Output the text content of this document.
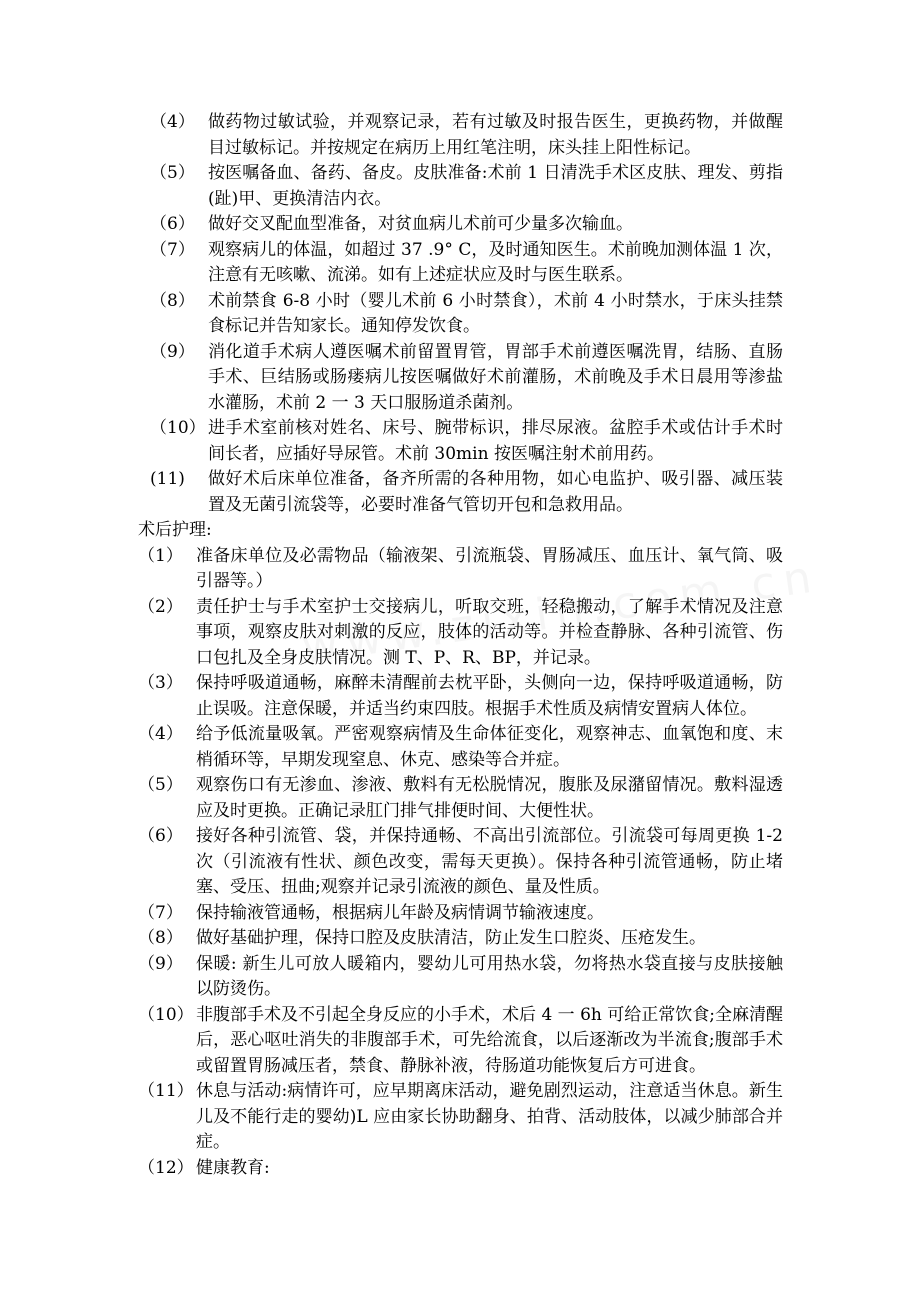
（4） 做药物过敏试验，并观察记录，若有过敏及时报告医生，更换药物，并做醒目过敏标记。并按规定在病历上用红笔注明，床头挂上阳性标记。
（5） 按医嘱备血、备药、备皮。皮肤准备:术前 1 日清洗手术区皮肤、理发、剪指(趾)甲、更换清洁内衣。
（6） 做好交叉配血型准备，对贫血病儿术前可少量多次输血。
（7） 观察病儿的体温，如超过 37 .9° C，及时通知医生。术前晚加测体温 1 次，注意有无咳嗽、流涕。如有上述症状应及时与医生联系。
（8） 术前禁食 6-8 小时（婴儿术前 6 小时禁食），术前 4 小时禁水，于床头挂禁食标记并告知家长。通知停发饮食。
（9） 消化道手术病人遵医嘱术前留置胃管，胃部手术前遵医嘱洗胃，结肠、直肠手术、巨结肠或肠瘘病儿按医嘱做好术前灌肠，术前晚及手术日晨用等渗盐水灌肠，术前 2 一 3 天口服肠道杀菌剂。
（10） 进手术室前核对姓名、床号、腕带标识，排尽尿液。盆腔手术或估计手术时间长者，应插好导尿管。术前 30min 按医嘱注射术前用药。
(11) 做好术后床单位准备，备齐所需的各种用物，如心电监护、吸引器、减压装置及无菌引流袋等，必要时准备气管切开包和急救用品。
术后护理:
（1） 准备床单位及必需物品（输液架、引流瓶袋、胃肠减压、血压计、氧气筒、吸引器等。）
（2） 责任护士与手术室护士交接病儿，听取交班，轻稳搬动，了解手术情况及注意事项，观察皮肤对刺激的反应，肢体的活动等。并检查静脉、各种引流管、伤口包扎及全身皮肤情况。测 T、P、R、BP，并记录。
（3） 保持呼吸道通畅，麻醉未清醒前去枕平卧，头侧向一边，保持呼吸道通畅，防止误吸。注意保暖，并适当约束四肢。根据手术性质及病情安置病人体位。
（4） 给予低流量吸氧。严密观察病情及生命体征变化，观察神志、血氧饱和度、末梢循环等，早期发现窒息、休克、感染等合并症。
（5） 观察伤口有无渗血、渗液、敷料有无松脱情况，腹胀及尿潴留情况。敷料湿透应及时更换。正确记录肛门排气排便时间、大便性状。
（6） 接好各种引流管、袋，并保持通畅、不高出引流部位。引流袋可每周更换 1-2 次（引流液有性状、颜色改变，需每天更换）。保持各种引流管通畅，防止堵塞、受压、扭曲;观察并记录引流液的颜色、量及性质。
（7） 保持输液管通畅，根据病儿年龄及病情调节输液速度。
（8） 做好基础护理，保持口腔及皮肤清洁，防止发生口腔炎、压疮发生。
（9） 保暖: 新生儿可放人暖箱内，婴幼儿可用热水袋，勿将热水袋直接与皮肤接触以防烫伤。
（10） 非腹部手术及不引起全身反应的小手术，术后 4 一 6h 可给正常饮食;全麻清醒后，恶心呕吐消失的非腹部手术，可先给流食，以后逐渐改为半流食;腹部手术或留置胃肠减压者，禁食、静脉补液，待肠道功能恢复后方可进食。
（11） 休息与活动:病情许可，应早期离床活动，避免剧烈运动，注意适当休息。新生儿及不能行走的婴幼)L 应由家长协助翻身、拍背、活动肢体，以减少肺部合并症。
（12） 健康教育:
